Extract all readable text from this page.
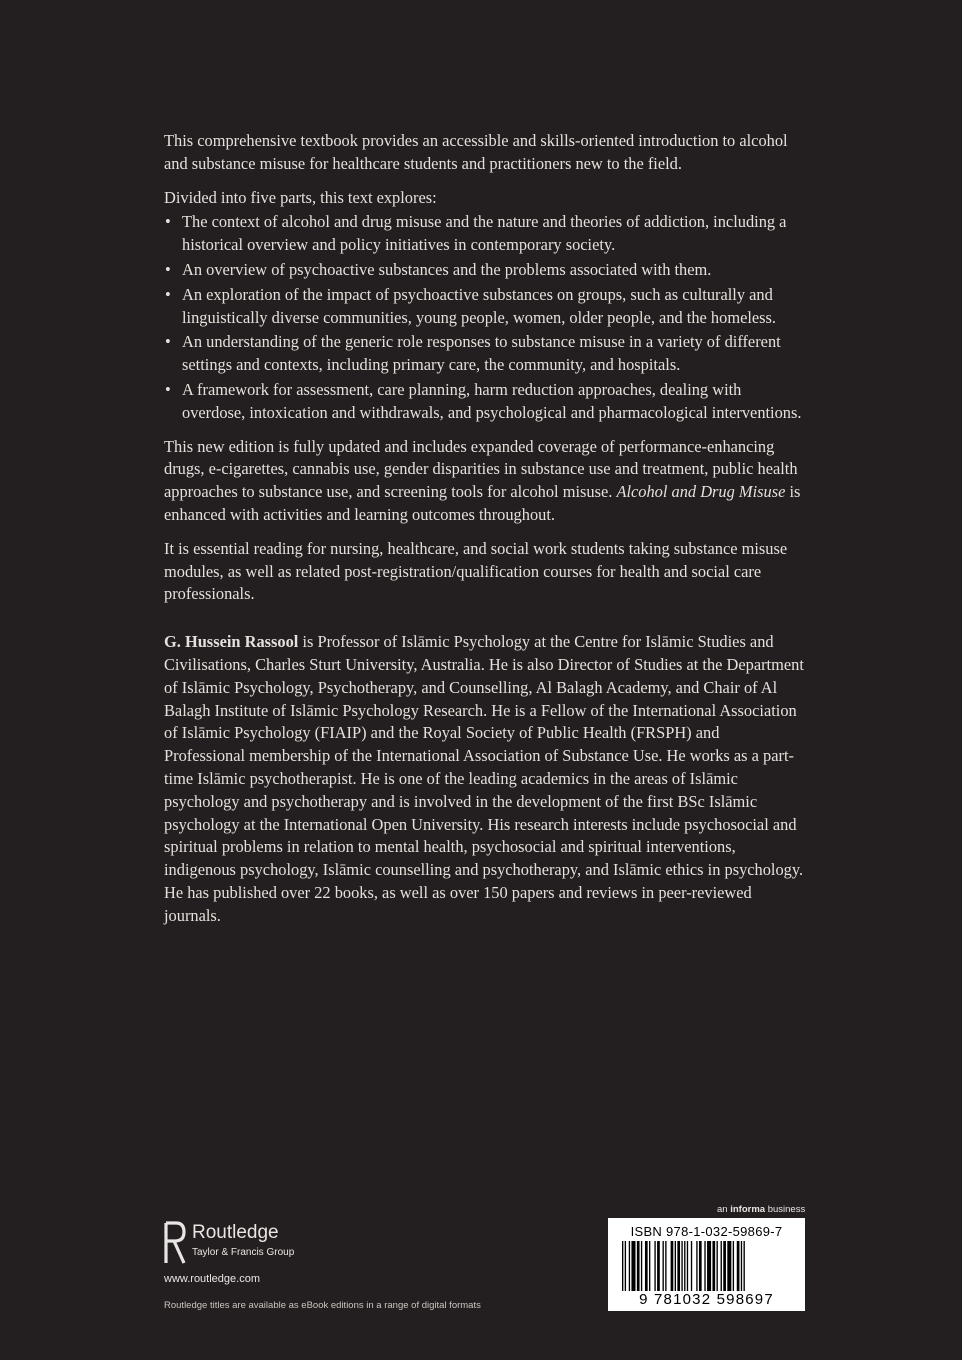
This comprehensive textbook provides an accessible and skills-oriented introduction to alcohol and substance misuse for healthcare students and practitioners new to the field.

Divided into five parts, this text explores:

• The context of alcohol and drug misuse and the nature and theories of addiction, including a historical overview and policy initiatives in contemporary society.
• An overview of psychoactive substances and the problems associated with them.
• An exploration of the impact of psychoactive substances on groups, such as culturally and linguistically diverse communities, young people, women, older people, and the homeless.
• An understanding of the generic role responses to substance misuse in a variety of different settings and contexts, including primary care, the community, and hospitals.
• A framework for assessment, care planning, harm reduction approaches, dealing with overdose, intoxication and withdrawals, and psychological and pharmacological interventions.

This new edition is fully updated and includes expanded coverage of performance-enhancing drugs, e-cigarettes, cannabis use, gender disparities in substance use and treatment, public health approaches to substance use, and screening tools for alcohol misuse. Alcohol and Drug Misuse is enhanced with activities and learning outcomes throughout.

It is essential reading for nursing, healthcare, and social work students taking substance misuse modules, as well as related post-registration/qualification courses for health and social care professionals.

G. Hussein Rassool is Professor of Islāmic Psychology at the Centre for Islāmic Studies and Civilisations, Charles Sturt University, Australia. He is also Director of Studies at the Department of Islāmic Psychology, Psychotherapy, and Counselling, Al Balagh Academy, and Chair of Al Balagh Institute of Islāmic Psychology Research. He is a Fellow of the International Association of Islāmic Psychology (FIAIP) and the Royal Society of Public Health (FRSPH) and Professional membership of the International Association of Substance Use. He works as a part-time Islāmic psychotherapist. He is one of the leading academics in the areas of Islāmic psychology and psychotherapy and is involved in the development of the first BSc Islāmic psychology at the International Open University. His research interests include psychosocial and spiritual problems in relation to mental health, psychosocial and spiritual interventions, indigenous psychology, Islāmic counselling and psychotherapy, and Islāmic ethics in psychology. He has published over 22 books, as well as over 150 papers and reviews in peer-reviewed journals.

Routledge
Taylor & Francis Group
www.routledge.com
Routledge titles are available as eBook editions in a range of digital formats
an informa business
ISBN 978-1-032-59869-7
9 781032 598697
